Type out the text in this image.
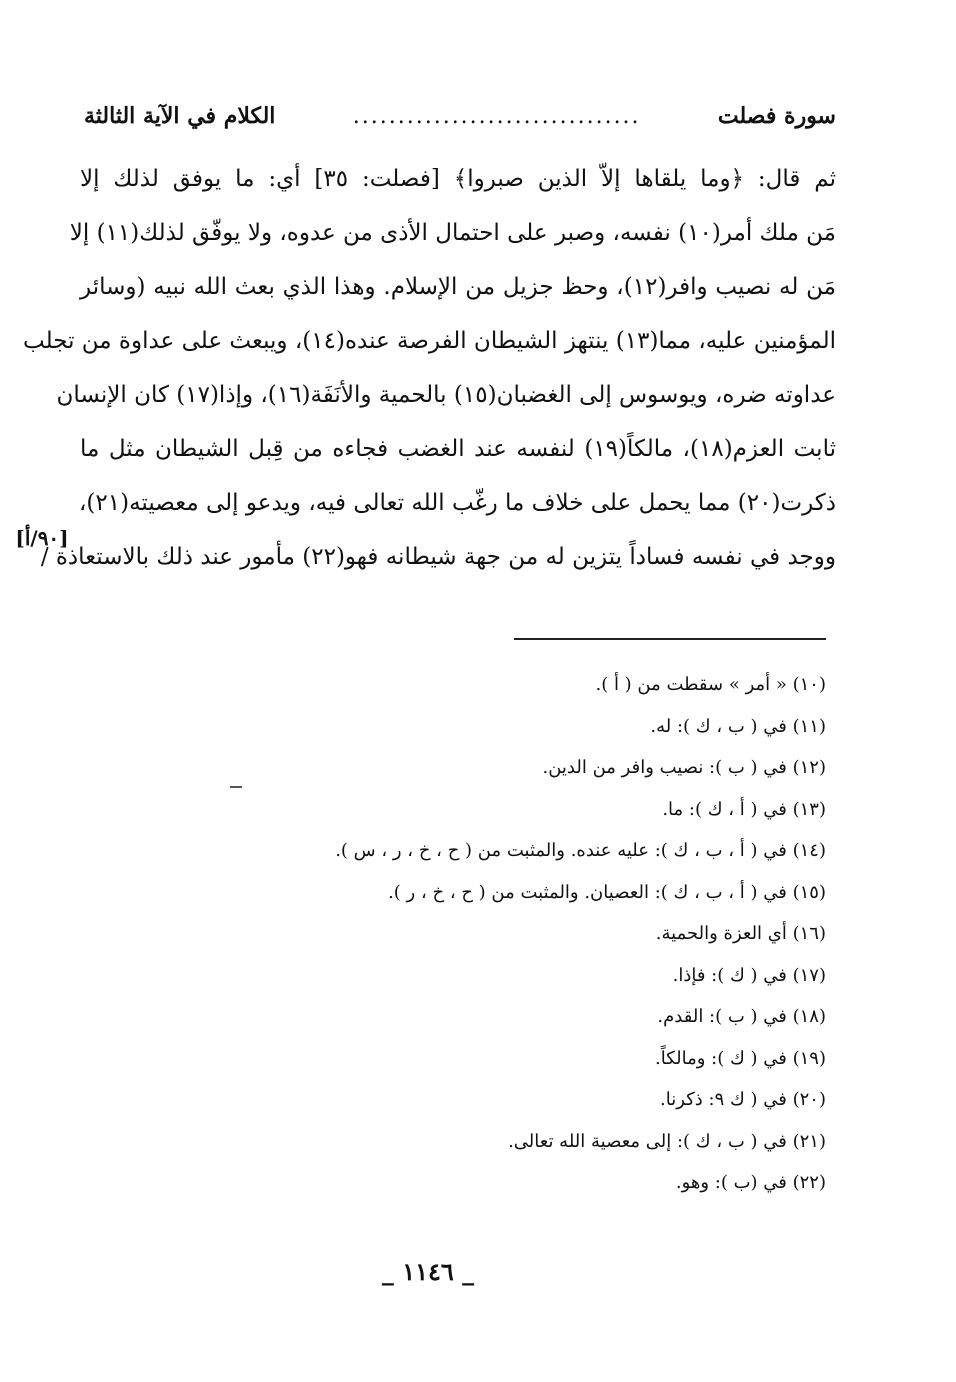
سورة فصلت
................................
الكلام في الآية الثالثة
ثم قال: ﴿وما يلقاها إلاّ الذين صبروا﴾ [فصلت: ٣٥] أي: ما يوفق لذلك إلا
مَن ملك أمر(١٠) نفسه، وصبر على احتمال الأذى من عدوه، ولا يوفّق لذلك(١١) إلا
مَن له نصيب وافر(١٢)، وحظ جزيل من الإسلام. وهذا الذي بعث الله نبيه (وسائر
المؤمنين عليه، مما(١٣) ينتهز الشيطان الفرصة عنده(١٤)، ويبعث على عداوة من تجلب
عداوته ضره، ويوسوس إلى الغضبان(١٥) بالحمية والأنَفَة(١٦)، وإذا(١٧) كان الإنسان
ثابت العزم(١٨)، مالكاً(١٩) لنفسه عند الغضب فجاءه من قِبل الشيطان مثل ما
ذكرت(٢٠) مما يحمل على خلاف ما رغّب الله تعالى فيه، ويدعو إلى معصيته(٢١)،
ووجد في نفسه فساداً يتزين له من جهة شيطانه فهو(٢٢) مأمور عند ذلك بالاستعاذة /
[٩٠/أ]
(١٠) « أمر » سقطت من ( أ ).
(١١) في ( ب ، ك ): له.
(١٢) في ( ب ): نصيب وافر من الدين.
(١٣) في ( أ ، ك ): ما.
(١٤) في ( أ ، ب ، ك ): عليه عنده. والمثبت من ( ح ، خ ، ر ، س ).
(١٥) في ( أ ، ب ، ك ): العصيان. والمثبت من ( ح ، خ ، ر ).
(١٦) أي العزة والحمية.
(١٧) في ( ك ): فإذا.
(١٨) في ( ب ): القدم.
(١٩) في ( ك ): ومالكاً.
(٢٠) في ( ك ٩: ذكرنا.
(٢١) في ( ب ، ك ): إلى معصية الله تعالى.
(٢٢) في (ب ): وهو.
_ ١١٤٦ _
